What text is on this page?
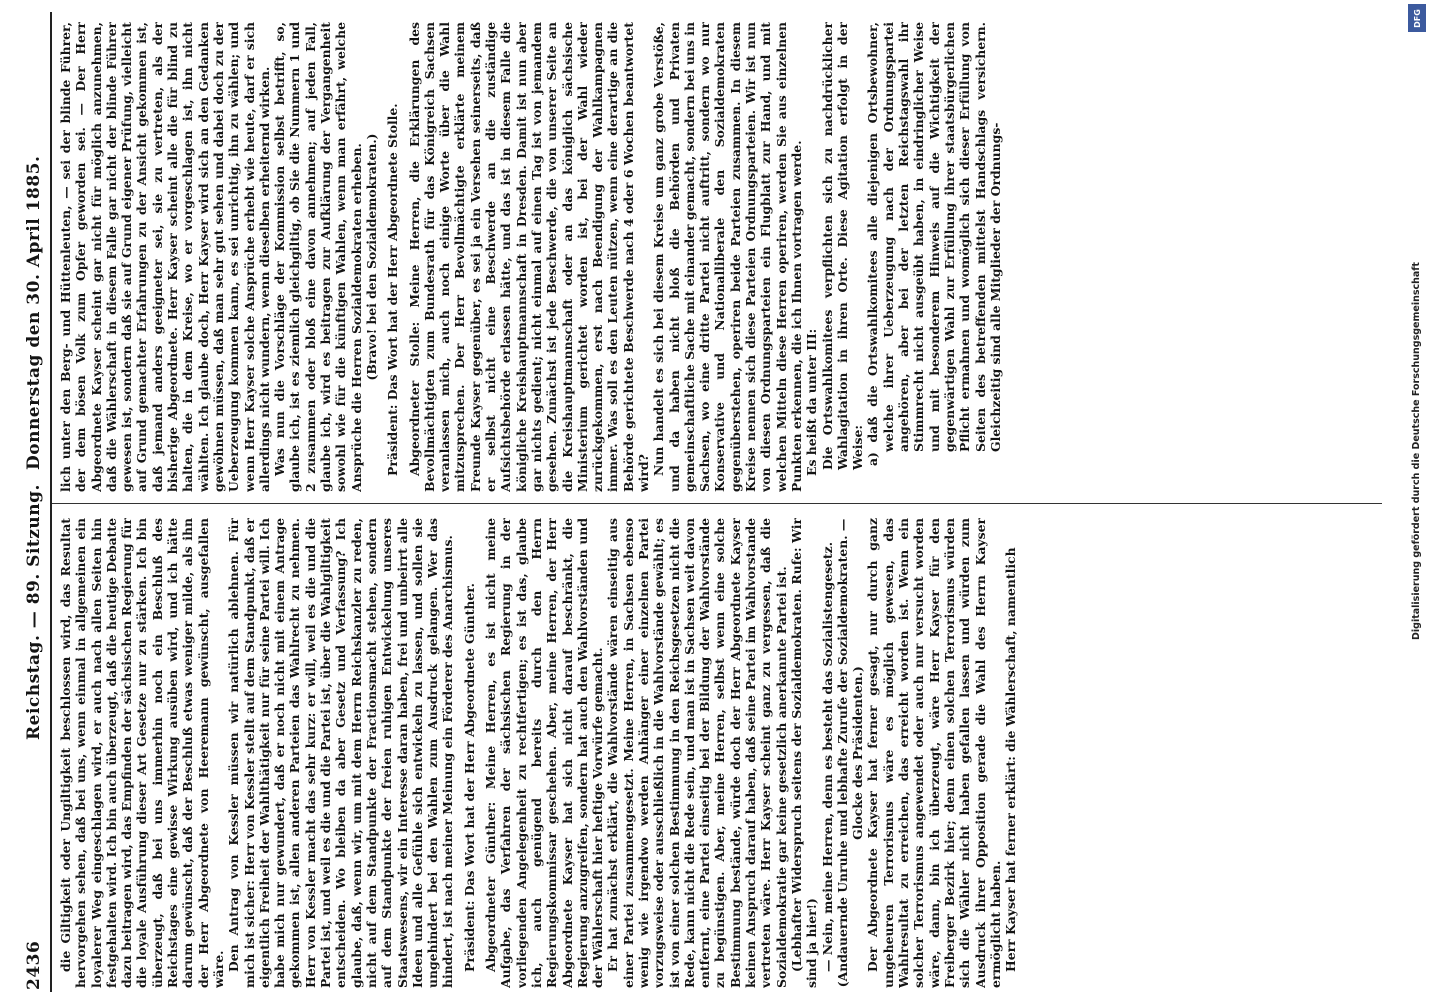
2436
Reichstag. — 89. Sitzung.
Donnerstag den 30. April 1885.

die Giltigkeit oder Ungiltigkeit beschlossen wird, das Resultat hervorgehen sehen, daß bei uns, wenn einmal in allgemeinen ein loyalerer Weg eingeschlagen wird, er auch nach allen Seiten hin festgehalten wird. Ich bin auch überzeugt, daß die heutige Debatte dazu beitragen wird, das Empfinden der sächsischen Regierung für die loyale Ausführung dieser Art Gesetze nur zu stärken. Ich bin überzeugt, daß bei uns immerhin noch ein Beschluß des Reichstages eine gewisse Wirkung ausüben wird, und ich hätte darum gewünscht, daß der Beschluß etwas weniger milde, als ihn der Herr Abgeordnete von Heeremann gewünscht, ausgefallen wäre. Den Antrag von Kessler müssen wir natürlich ablehnen. Für mich ist sicher: Herr von Kessler stellt auf dem Standpunkt, daß er eigentlich Freiheit der Wahlthätigkeit nur für seine Partei will. Ich habe mich nur gewundert, daß er noch nicht mit einem Antrage gekommen ist, allen anderen Parteien das Wahlrecht zu nehmen. Herr von Kessler macht das sehr kurz: er will, weil es die und die Partei ist, und weil es die und die Partei ist, über die Wahlgiltigkeit entscheiden. Wo bleiben da aber Gesetz und Verfassung? Ich glaube, daß, wenn wir, um mit dem Herrn Reichskanzler zu reden, nicht auf dem Standpunkte der Fractionsmacht stehen, sondern auf dem Standpunkte der freien ruhigen Entwickelung unseres Staatswesens, wir ein Interesse daran haben, frei und unbeirrt alle Ideen und alle Gefühle sich entwickeln zu lassen, und sollen sie ungehindert bei den Wahlen zum Ausdruck gelangen. Wer das hindert, ist nach meiner Meinung ein Förderer des Anarchismus. Präsident: Das Wort hat der Herr Abgeordnete Günther. Abgeordneter Günther: Meine Herren, es ist nicht meine Aufgabe, das Verfahren der sächsischen Regierung in der vorliegenden Angelegenheit zu rechtfertigen; es ist das, glaube ich, auch genügend bereits durch den Herrn Regierungskommissar geschehen. Aber, meine Herren, der Herr Abgeordnete Kayser hat sich nicht darauf beschränkt, die Regierung anzugreifen, sondern hat auch den Wahlvorständen und der Wählerschaft hier heftige Vorwürfe gemacht. Er hat zunächst erklärt, die Wahlvorstände wären einseitig aus einer Partei zusammengesetzt. Meine Herren, in Sachsen ebenso wenig wie irgendwo werden Anhänger einer einzelnen Partei vorzugsweise oder ausschließlich in die Wahlvorstände gewählt; es ist von einer solchen Bestimmung in den Reichsgesetzen nicht die Rede, kann nicht die Rede sein, und man ist in Sachsen weit davon entfernt, eine Partei einseitig bei der Bildung der Wahlvorstände zu begünstigen. Aber, meine Herren, selbst wenn eine solche Bestimmung bestände, würde doch der Herr Abgeordnete Kayser keinen Anspruch darauf haben, daß seine Partei im Wahlvorstande vertreten wäre. Herr Kayser scheint ganz zu vergessen, daß die Sozialdemokratie gar keine gesetzlich anerkannte Partei ist. (Lebhafter Widerspruch seitens der Sozialdemokraten. Rufe: Wir sind ja hier!) — Nein, meine Herren, denn es besteht das Sozialistengesetz. (Andauernde Unruhe und lebhafte Zurufe der Sozialdemokraten. — Glocke des Präsidenten.) Der Abgeordnete Kayser hat ferner gesagt, nur durch ganz ungeheuren Terrorismus wäre es möglich gewesen, das Wahlresultat zu erreichen, das erreicht worden ist. Wenn ein solcher Terrorismus angewendet oder auch nur versucht worden wäre, dann, bin ich überzeugt, wäre Herr Kayser für den Freiberger Bezirk hier; denn einen solchen Terrorismus würden sich die Wähler nicht haben gefallen lassen und würden zum Ausdruck ihrer Opposition gerade die Wahl des Herrn Kayser ermöglicht haben. Herr Kayser hat ferner erklärt: die Wählerschaft, namentlich

lich unter den Berg- und Hüttenleuten, — sei der blinde Führer, der dem bösen Volk zum Opfer geworden sei. — Der Herr Abgeordnete Kayser scheint gar nicht für möglich anzunehmen, daß die Wählerschaft in diesem Falle gar nicht der blinde Führer gewesen ist, sondern daß sie auf Grund eigener Prüfung, vielleicht auf Grund gemachter Erfahrungen zu der Ansicht gekommen ist, daß jemand anders geeigneter sei, sie zu vertreten, als der bisherige Abgeordnete. Herr Kayser scheint alle die für blind zu halten, die in dem Kreise, wo er vorgeschlagen ist, ihn nicht wählten. Ich glaube doch, Herr Kayser wird sich an den Gedanken gewöhnen müssen, daß man sehr gut sehen und dabei doch zu der Ueberzeugung kommen kann, es sei unrichtig, ihn zu wählen; und wenn Herr Kayser solche Ansprüche erhebt wie heute, darf er sich allerdings nicht wundern, wenn dieselben erheiternd wirken. Was nun die Vorschläge der Kommission selbst betrifft, so, glaube ich, ist es ziemlich gleichgiltig, ob Sie die Nummern 1 und 2 zusammen oder bloß eine davon annehmen; auf jeden Fall, glaube ich, wird es beitragen zur Aufklärung der Vergangenheit sowohl wie für die künftigen Wahlen, wenn man erfährt, welche Ansprüche die Herren Sozialdemokraten erheben. (Bravo! bei den Sozialdemokraten.) Präsident: Das Wort hat der Herr Abgeordnete Stolle. Abgeordneter Stolle: Meine Herren, die Erklärungen des Bevollmächtigten zum Bundesrath für das Königreich Sachsen veranlassen mich, auch noch einige Worte über die Wahl mitzusprechen. Der Herr Bevollmächtigte erklärte meinem Freunde Kayser gegenüber, es sei ja ein Versehen seinerseits, daß er selbst nicht eine Beschwerde an die zuständige Aufsichtsbehörde erlassen hätte, und das ist in diesem Falle die königliche Kreishauptmannschaft in Dresden. Damit ist nun aber gar nichts gedient; nicht einmal auf einen Tag ist von jemandem gesehen. Zunächst ist jede Beschwerde, die von unserer Seite an die Kreishauptmannschaft oder an das königlich sächsische Ministerium gerichtet worden ist, bei der Wahl wieder zurückgekommen, erst nach Beendigung der Wahlkampagnen immer. Was soll es den Leuten nützen, wenn eine derartige an die Behörde gerichtete Beschwerde nach 4 oder 6 Wochen beantwortet wird? Nun handelt es sich bei diesem Kreise um ganz grobe Verstöße, und da haben nicht bloß die Behörden und Privaten gemeinschaftliche Sache mit einander gemacht, sondern bei uns in Sachsen, wo eine dritte Partei nicht auftritt, sondern wo nur Konservative und Nationalliberale den Sozialdemokraten gegenüberstehen, operiren beide Parteien zusammen. In diesem Kreise nennen sich diese Parteien Ordnungsparteien. Wir ist nun von diesen Ordnungsparteien ein Flugblatt zur Hand, und mit welchen Mitteln diese Herren operiren, werden Sie aus einzelnen Punkten erkennen, die ich Ihnen vortragen werde. Es heißt da unter III: Die Ortswahlkomitees verpflichten sich zu nachdrücklicher Wahlagitation in ihren Orte. Diese Agitation erfolgt in der Weise: a) daß die Ortswahlkomitees alle diejenigen Ortsbewohner, welche ihrer Ueberzeugung nach der Ordnungspartei angehören, aber bei der letzten Reichstagswahl ihr Stimmrecht nicht ausgeübt haben, in eindringlicher Weise und mit besonderem Hinweis auf die Wichtigkeit der gegenwärtigen Wahl zur Erfüllung ihrer staatsbürgerlichen Pflicht ermahnen und womöglich sich dieser Erfüllung von Seiten des betreffenden mittelst Handschlags versichern. Gleichzeitig sind alle Mitglieder der Ordnungs-	Digitalisierung gefördert durch die Deutsche Forschungsgemeinschaft
DFG
